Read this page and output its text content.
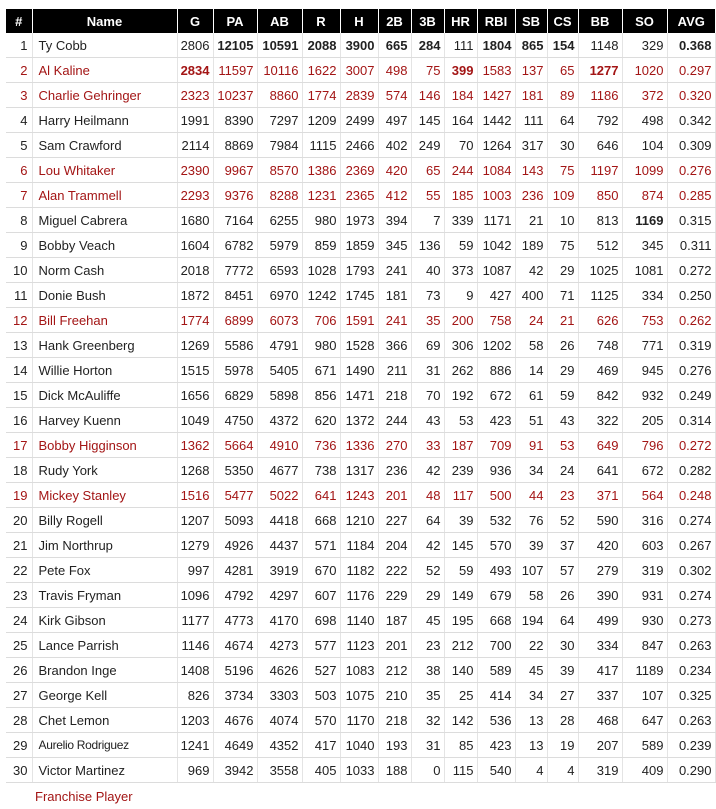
#	Name	G	PA	AB	R	H	2B	3B	HR	RBI	SB	CS	BB	SO	AVG
1	Ty Cobb	2806	12105	10591	2088	3900	665	284	111	1804	865	154	1148	329	0.368
2	Al Kaline	2834	11597	10116	1622	3007	498	75	399	1583	137	65	1277	1020	0.297
3	Charlie Gehringer	2323	10237	8860	1774	2839	574	146	184	1427	181	89	1186	372	0.320
4	Harry Heilmann	1991	8390	7297	1209	2499	497	145	164	1442	111	64	792	498	0.342
5	Sam Crawford	2114	8869	7984	1115	2466	402	249	70	1264	317	30	646	104	0.309
6	Lou Whitaker	2390	9967	8570	1386	2369	420	65	244	1084	143	75	1197	1099	0.276
7	Alan Trammell	2293	9376	8288	1231	2365	412	55	185	1003	236	109	850	874	0.285
8	Miguel Cabrera	1680	7164	6255	980	1973	394	7	339	1171	21	10	813	1169	0.315
9	Bobby Veach	1604	6782	5979	859	1859	345	136	59	1042	189	75	512	345	0.311
10	Norm Cash	2018	7772	6593	1028	1793	241	40	373	1087	42	29	1025	1081	0.272
11	Donie Bush	1872	8451	6970	1242	1745	181	73	9	427	400	71	1125	334	0.250
12	Bill Freehan	1774	6899	6073	706	1591	241	35	200	758	24	21	626	753	0.262
13	Hank Greenberg	1269	5586	4791	980	1528	366	69	306	1202	58	26	748	771	0.319
14	Willie Horton	1515	5978	5405	671	1490	211	31	262	886	14	29	469	945	0.276
15	Dick McAuliffe	1656	6829	5898	856	1471	218	70	192	672	61	59	842	932	0.249
16	Harvey Kuenn	1049	4750	4372	620	1372	244	43	53	423	51	43	322	205	0.314
17	Bobby Higginson	1362	5664	4910	736	1336	270	33	187	709	91	53	649	796	0.272
18	Rudy York	1268	5350	4677	738	1317	236	42	239	936	34	24	641	672	0.282
19	Mickey Stanley	1516	5477	5022	641	1243	201	48	117	500	44	23	371	564	0.248
20	Billy Rogell	1207	5093	4418	668	1210	227	64	39	532	76	52	590	316	0.274
21	Jim Northrup	1279	4926	4437	571	1184	204	42	145	570	39	37	420	603	0.267
22	Pete Fox	997	4281	3919	670	1182	222	52	59	493	107	57	279	319	0.302
23	Travis Fryman	1096	4792	4297	607	1176	229	29	149	679	58	26	390	931	0.274
24	Kirk Gibson	1177	4773	4170	698	1140	187	45	195	668	194	64	499	930	0.273
25	Lance Parrish	1146	4674	4273	577	1123	201	23	212	700	22	30	334	847	0.263
26	Brandon Inge	1408	5196	4626	527	1083	212	38	140	589	45	39	417	1189	0.234
27	George Kell	826	3734	3303	503	1075	210	35	25	414	34	27	337	107	0.325
28	Chet Lemon	1203	4676	4074	570	1170	218	32	142	536	13	28	468	647	0.263
29	Aurelio Rodriguez	1241	4649	4352	417	1040	193	31	85	423	13	19	207	589	0.239
30	Victor Martinez	969	3942	3558	405	1033	188	0	115	540	4	4	319	409	0.290
Franchise Player
